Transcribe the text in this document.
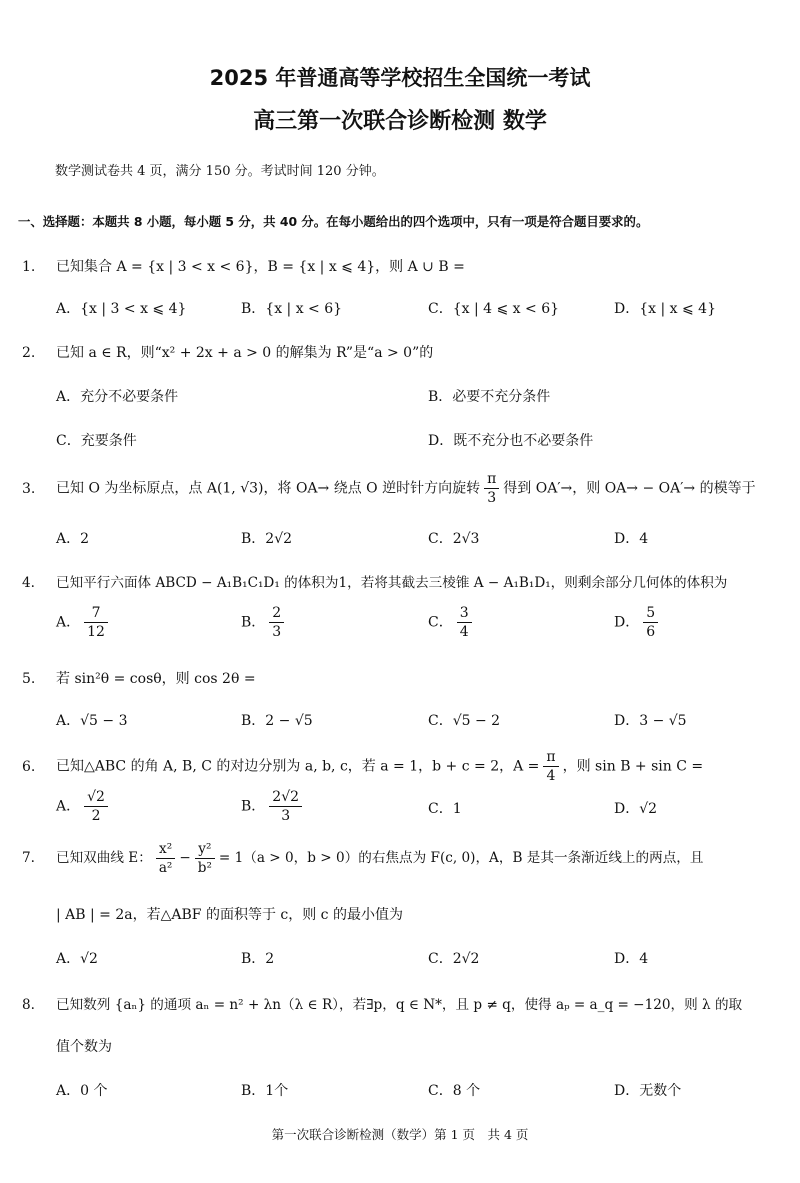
2025 年普通高等学校招生全国统一考试
高三第一次联合诊断检测 数学
数学测试卷共 4 页，满分 150 分。考试时间 120 分钟。
一、选择题：本题共 8 小题，每小题 5 分，共 40 分。在每小题给出的四个选项中，只有一项是符合题目要求的。
1. 已知集合 A = {x | 3 < x < 6}，B = {x | x ⩽ 4}，则 A ∪ B =
A．{x | 3 < x ⩽ 4}	B．{x | x < 6}	C．{x | 4 ⩽ x < 6}	D．{x | x ⩽ 4}
2. 已知 a ∈ R，则“x² + 2x + a > 0 的解集为 R”是“a > 0”的
A．充分不必要条件	B．必要不充分条件
C．充要条件	D．既不充分也不必要条件
3. 已知 O 为坐标原点，点 A(1, √3)，将 OA→ 绕点 O 逆时针方向旋转 $\frac{\pi}{3}$ 得到 OA′→，则 OA→ − OA′→ 的模等于
A．2	B．2√2	C．2√3	D．4
4. 已知平行六面体 ABCD − A₁B₁C₁D₁ 的体积为1，若将其截去三棱锥 A − A₁B₁D₁，则剩余部分几何体的体积为
A． $\frac{7}{12}$	B． $\frac{2}{3}$	C． $\frac{3}{4}$	D． $\frac{5}{6}$
5. 若 sin²θ = cosθ，则 cos 2θ =
A．√5 − 3	B．2 − √5	C．√5 − 2	D．3 − √5
6. 已知△ABC 的角 A, B, C 的对边分别为 a, b, c，若 a = 1，b + c = 2，$A = \frac{\pi}{4}$ ，则 sin B + sin C =
A． $\frac{√2}{2}$	B． $\frac{2√2}{3}$	C．1	D．√2
7. 已知双曲线 E： $\frac{\text{x²}}{\text{a²}} - \frac{\text{y²}}{\text{b²}} = 1(a > 0$，b > 0）的右焦点为 F(c, 0)，A，B 是其一条渐近线上的两点，且
| AB | = 2a，若△ABF 的面积等于 c，则 c 的最小值为
A．√2	B．2	C．2√2	D．4
8. 已知数列 {aₙ} 的通项 aₙ = n² + λn（λ ∈ R），若∃p，q ∈ N*，且 p ≠ q，使得 aₚ = a_q = −120，则 λ 的取
值个数为
A．0 个	B．1个	C．8 个	D．无数个
第一次联合诊断检测（数学）第 1 页　共 4 页
